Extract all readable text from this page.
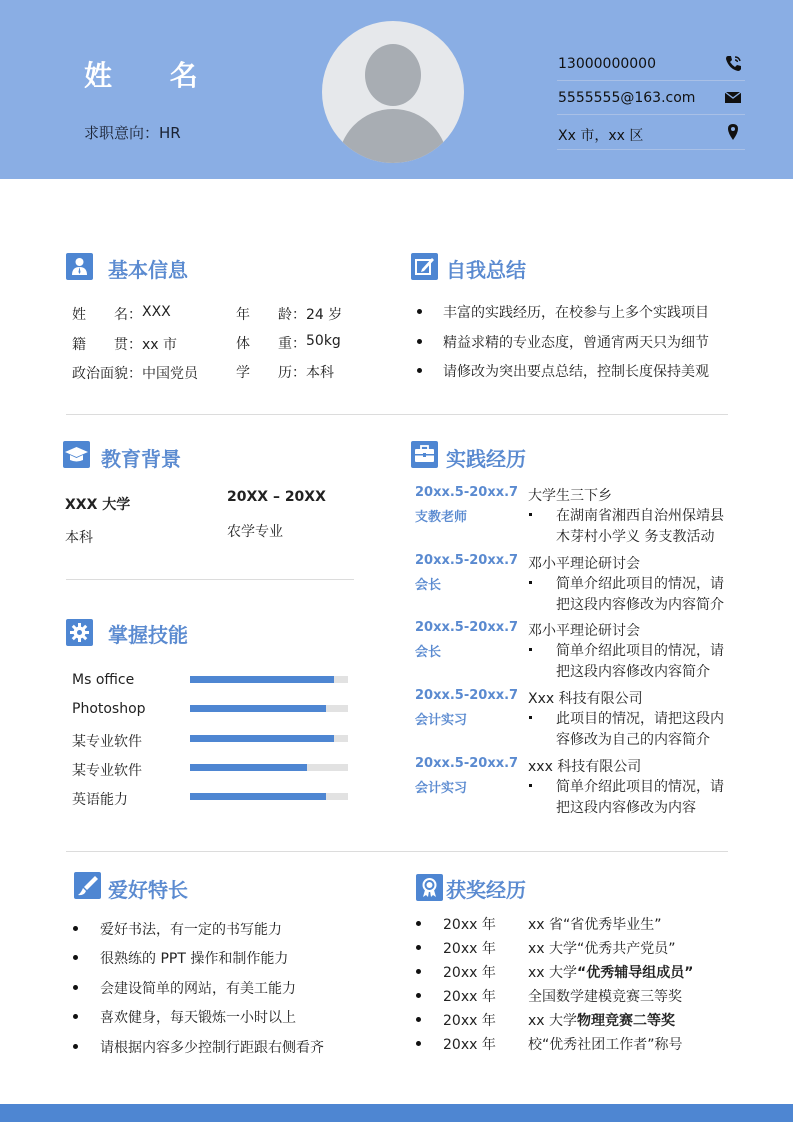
姓 名
求职意向：HR
13000000000
5555555@163.com
Xx 市，xx 区
基本信息
姓　　名： XXX
籍　　贯： xx 市
政治面貌： 中国党员
年　　龄： 24 岁
体　　重： 50kg
学　　历： 本科
自我总结
丰富的实践经历，在校参与上多个实践项目
精益求精的专业态度，曾通宵两天只为细节
请修改为突出要点总结，控制长度保持美观
教育背景
XXX 大学	20XX – 20XX
本科	农学专业
掌握技能
Ms office
Photoshop
某专业软件
某专业软件
英语能力
实践经历
20xx.5-20xx.7
支教老师
大学生三下乡
在湖南省湘西自治州保靖县
木芽村小学义 务支教活动
20xx.5-20xx.7
会长
邓小平理论研讨会
简单介绍此项目的情况，请
把这段内容修改为内容简介
20xx.5-20xx.7
会长
邓小平理论研讨会
简单介绍此项目的情况，请
把这段内容修改内容简介
20xx.5-20xx.7
会计实习
Xxx 科技有限公司
此项目的情况，请把这段内
容修改为自己的内容简介
20xx.5-20xx.7
会计实习
xxx 科技有限公司
简单介绍此项目的情况，请
把这段内容修改为内容
爱好特长
爱好书法，有一定的书写能力
很熟练的 PPT 操作和制作能力
会建设简单的网站，有美工能力
喜欢健身，每天锻炼一小时以上
请根据内容多少控制行距跟右侧看齐
获奖经历
20xx 年 xx 省“省优秀毕业生”
20xx 年 xx 大学“优秀共产党员”
20xx 年 xx 大学“优秀辅导组成员”
20xx 年 全国数学建模竞赛三等奖
20xx 年 xx 大学物理竞赛二等奖
20xx 年 校“优秀社团工作者”称号
